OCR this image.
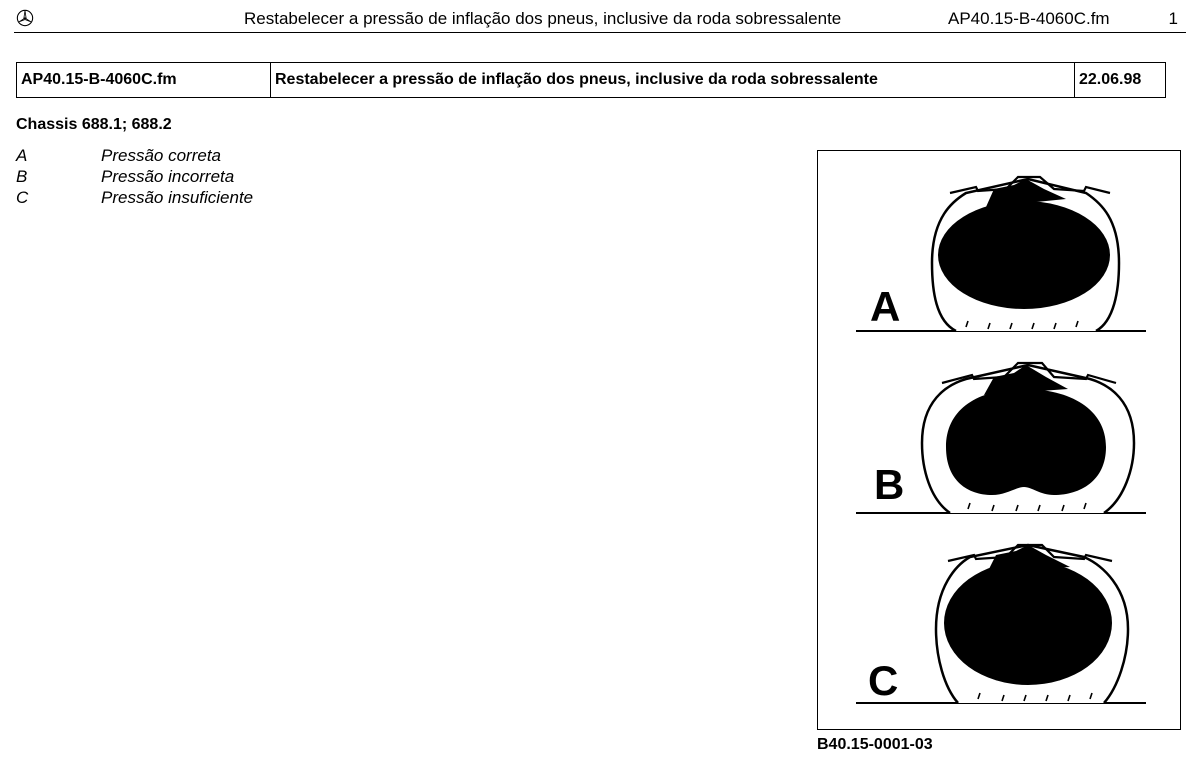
Restabelecer a pressão de inflação dos pneus, inclusive da roda sobressalente	AP40.15-B-4060C.fm	1
AP40.15-B-4060C.fm	Restabelecer a pressão de inflação dos pneus, inclusive da roda sobressalente	22.06.98
Chassis 688.1; 688.2
A	Pressão correta
B	Pressão incorreta
C	Pressão insuficiente
A
B
C
B40.15-0001-03
